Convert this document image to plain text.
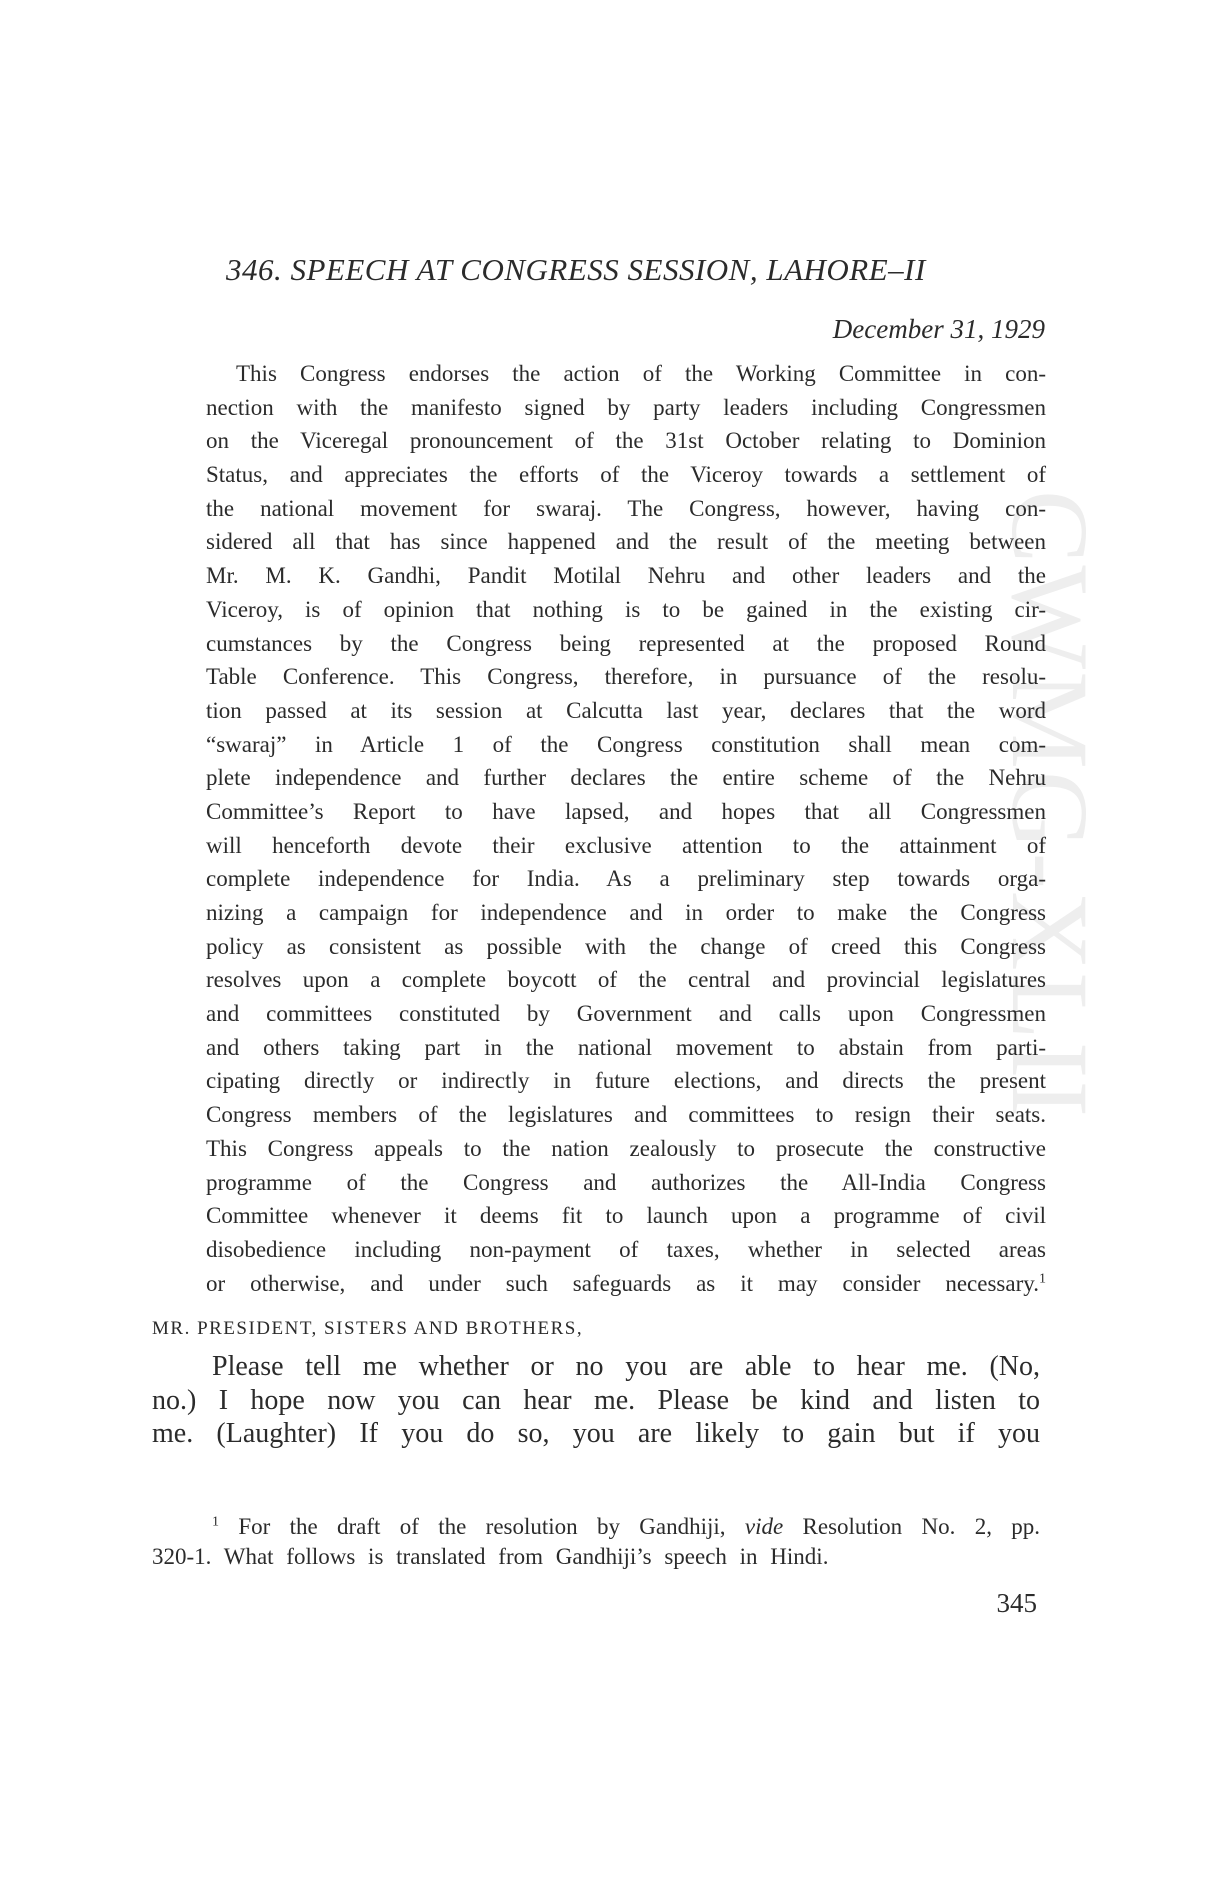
CWMG-XLII
346. SPEECH AT CONGRESS SESSION, LAHORE–II
December 31, 1929
This Congress endorses the action of the Working Committee in con-
nection with the manifesto signed by party leaders including Congressmen
on the Viceregal pronouncement of the 31st October relating to Dominion
Status, and appreciates the efforts of the Viceroy towards a settlement of
the national movement for swaraj. The Congress, however, having con-
sidered all that has since happened and the result of the meeting between
Mr. M. K. Gandhi, Pandit Motilal Nehru and other leaders and the
Viceroy, is of opinion that nothing is to be gained in the existing cir-
cumstances by the Congress being represented at the proposed Round
Table Conference. This Congress, therefore, in pursuance of the resolu-
tion passed at its session at Calcutta last year, declares that the word
“swaraj” in Article 1 of the Congress constitution shall mean com-
plete independence and further declares the entire scheme of the Nehru
Committee’s Report to have lapsed, and hopes that all Congressmen
will henceforth devote their exclusive attention to the attainment of
complete independence for India. As a preliminary step towards orga-
nizing a campaign for independence and in order to make the Congress
policy as consistent as possible with the change of creed this Congress
resolves upon a complete boycott of the central and provincial legislatures
and committees constituted by Government and calls upon Congressmen
and others taking part in the national movement to abstain from parti-
cipating directly or indirectly in future elections, and directs the present
Congress members of the legislatures and committees to resign their seats.
This Congress appeals to the nation zealously to prosecute the constructive
programme of the Congress and authorizes the All-India Congress
Committee whenever it deems fit to launch upon a programme of civil
disobedience including non-payment of taxes, whether in selected areas
or otherwise, and under such safeguards as it may consider necessary.$^1$
MR. PRESIDENT, SISTERS AND BROTHERS,
Please tell me whether or no you are able to hear me. (No,
no.) I hope now you can hear me. Please be kind and listen to
me. (Laughter) If you do so, you are likely to gain but if you
$^1$ For the draft of the resolution by Gandhiji, vide Resolution No. 2, pp.
320-1. What follows is translated from Gandhiji’s speech in Hindi.
345
